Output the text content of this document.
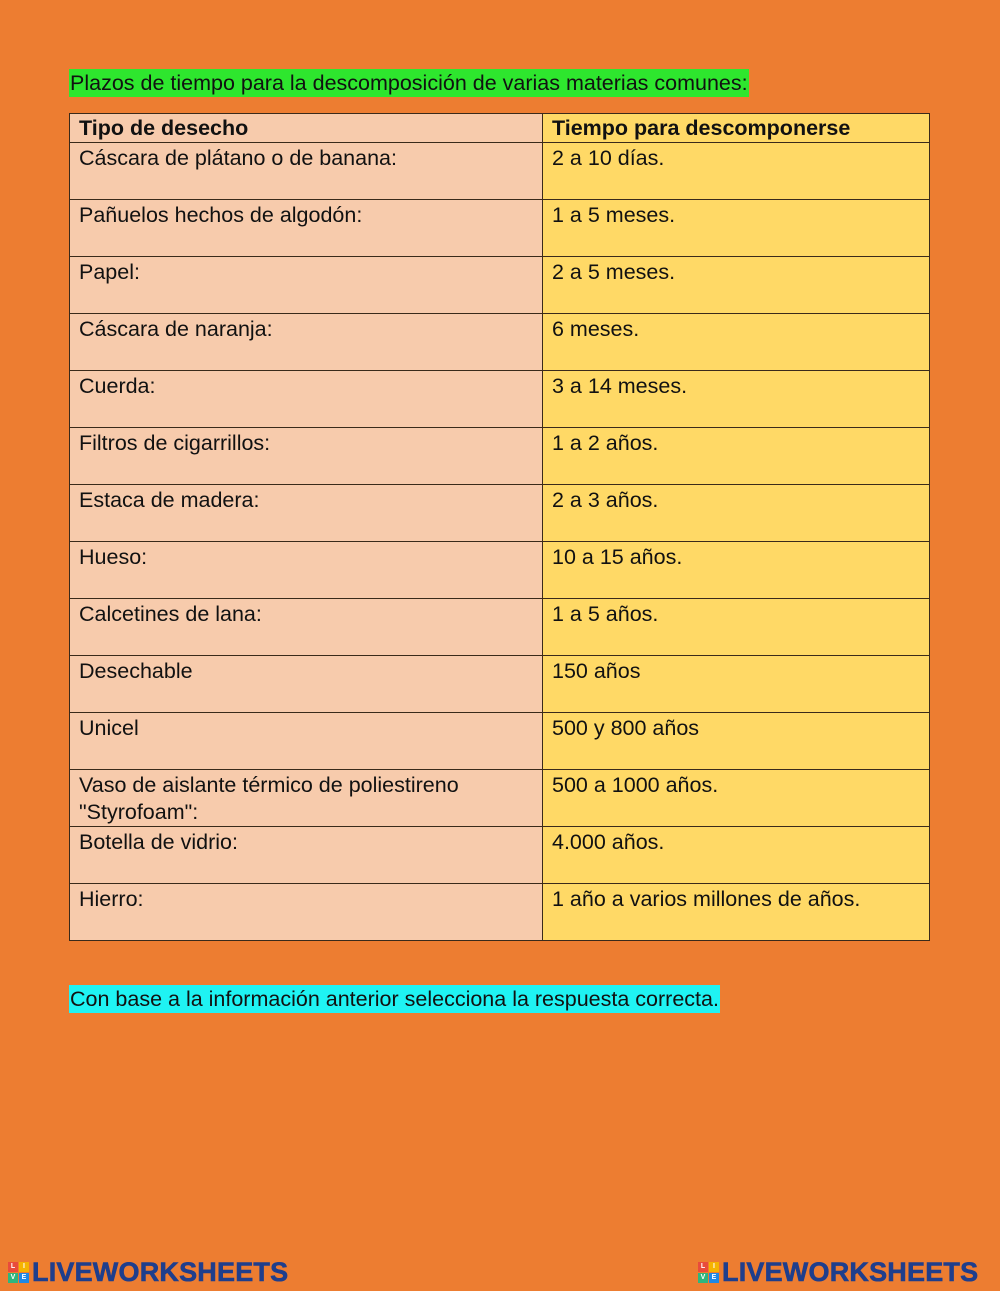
Plazos de tiempo para la descomposición de varias materias comunes:
Tipo de desecho	Tiempo para descomponerse
Cáscara de plátano o de banana:	2 a 10 días.
Pañuelos hechos de algodón:	1 a 5 meses.
Papel:	2 a 5 meses.
Cáscara de naranja:	6 meses.
Cuerda:	3 a 14 meses.
Filtros de cigarrillos:	1 a 2 años.
Estaca de madera:	2 a 3 años.
Hueso:	10 a 15 años.
Calcetines de lana:	1 a 5 años.
Desechable	150 años
Unicel	500 y 800 años
Vaso de aislante térmico de poliestireno "Styrofoam":	500 a 1000 años.
Botella de vidrio:	4.000 años.
Hierro:	1 año a varios millones de años.
Con base a la información anterior selecciona la respuesta correcta.
L	I
V E LIVEWORKSHEETS	L	I
V E LIVEWORKSHEETS
